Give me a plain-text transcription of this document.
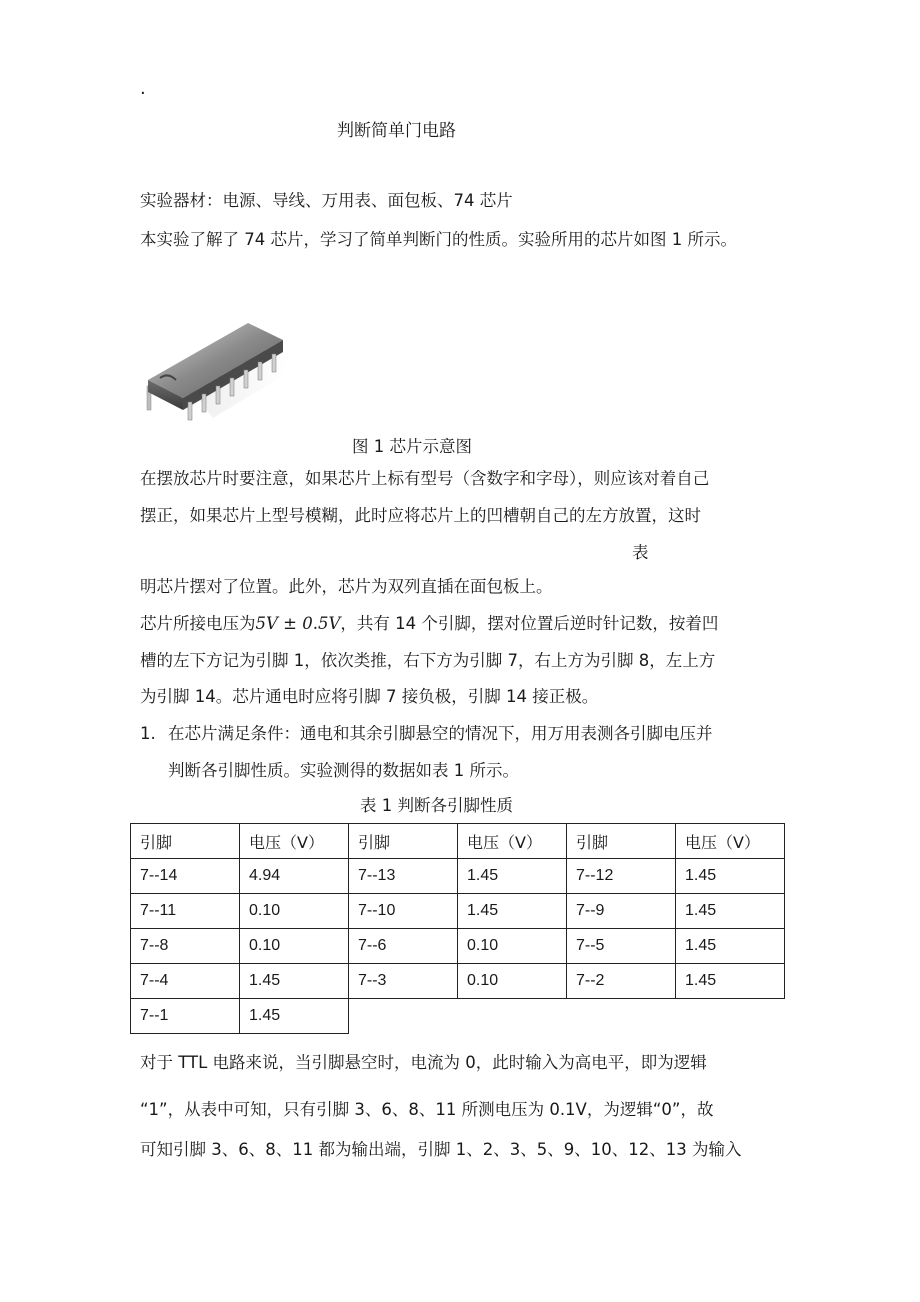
.
判断简单门电路
实验器材：电源、导线、万用表、面包板、74 芯片
本实验了解了 74 芯片，学习了简单判断门的性质。实验所用的芯片如图 1 所示。
图 1 芯片示意图
在摆放芯片时要注意，如果芯片上标有型号（含数字和字母），则应该对着自己
摆正，如果芯片上型号模糊，此时应将芯片上的凹槽朝自己的左方放置，这时
表
明芯片摆对了位置。此外，芯片为双列直插在面包板上。
芯片所接电压为5V ± 0.5V，共有 14 个引脚，摆对位置后逆时针记数，按着凹
槽的左下方记为引脚 1，依次类推，右下方为引脚 7，右上方为引脚 8，左上方
为引脚 14。芯片通电时应将引脚 7 接负极，引脚 14 接正极。
1. 在芯片满足条件：通电和其余引脚悬空的情况下，用万用表测各引脚电压并
判断各引脚性质。实验测得的数据如表 1 所示。
表 1 判断各引脚性质
引脚	电压（V）	引脚	电压（V）	引脚	电压（V）
7--14	4.94	7--13	1.45	7--12	1.45
7--11	0.10	7--10	1.45	7--9	1.45
7--8	0.10	7--6	0.10	7--5	1.45
7--4	1.45	7--3	0.10	7--2	1.45
7--1	1.45				
对于 TTL 电路来说，当引脚悬空时，电流为 0，此时输入为高电平，即为逻辑
“1”，从表中可知，只有引脚 3、6、8、11 所测电压为 0.1V，为逻辑“0”，故
可知引脚 3、6、8、11 都为输出端，引脚 1、2、3、5、9、10、12、13 为输入
